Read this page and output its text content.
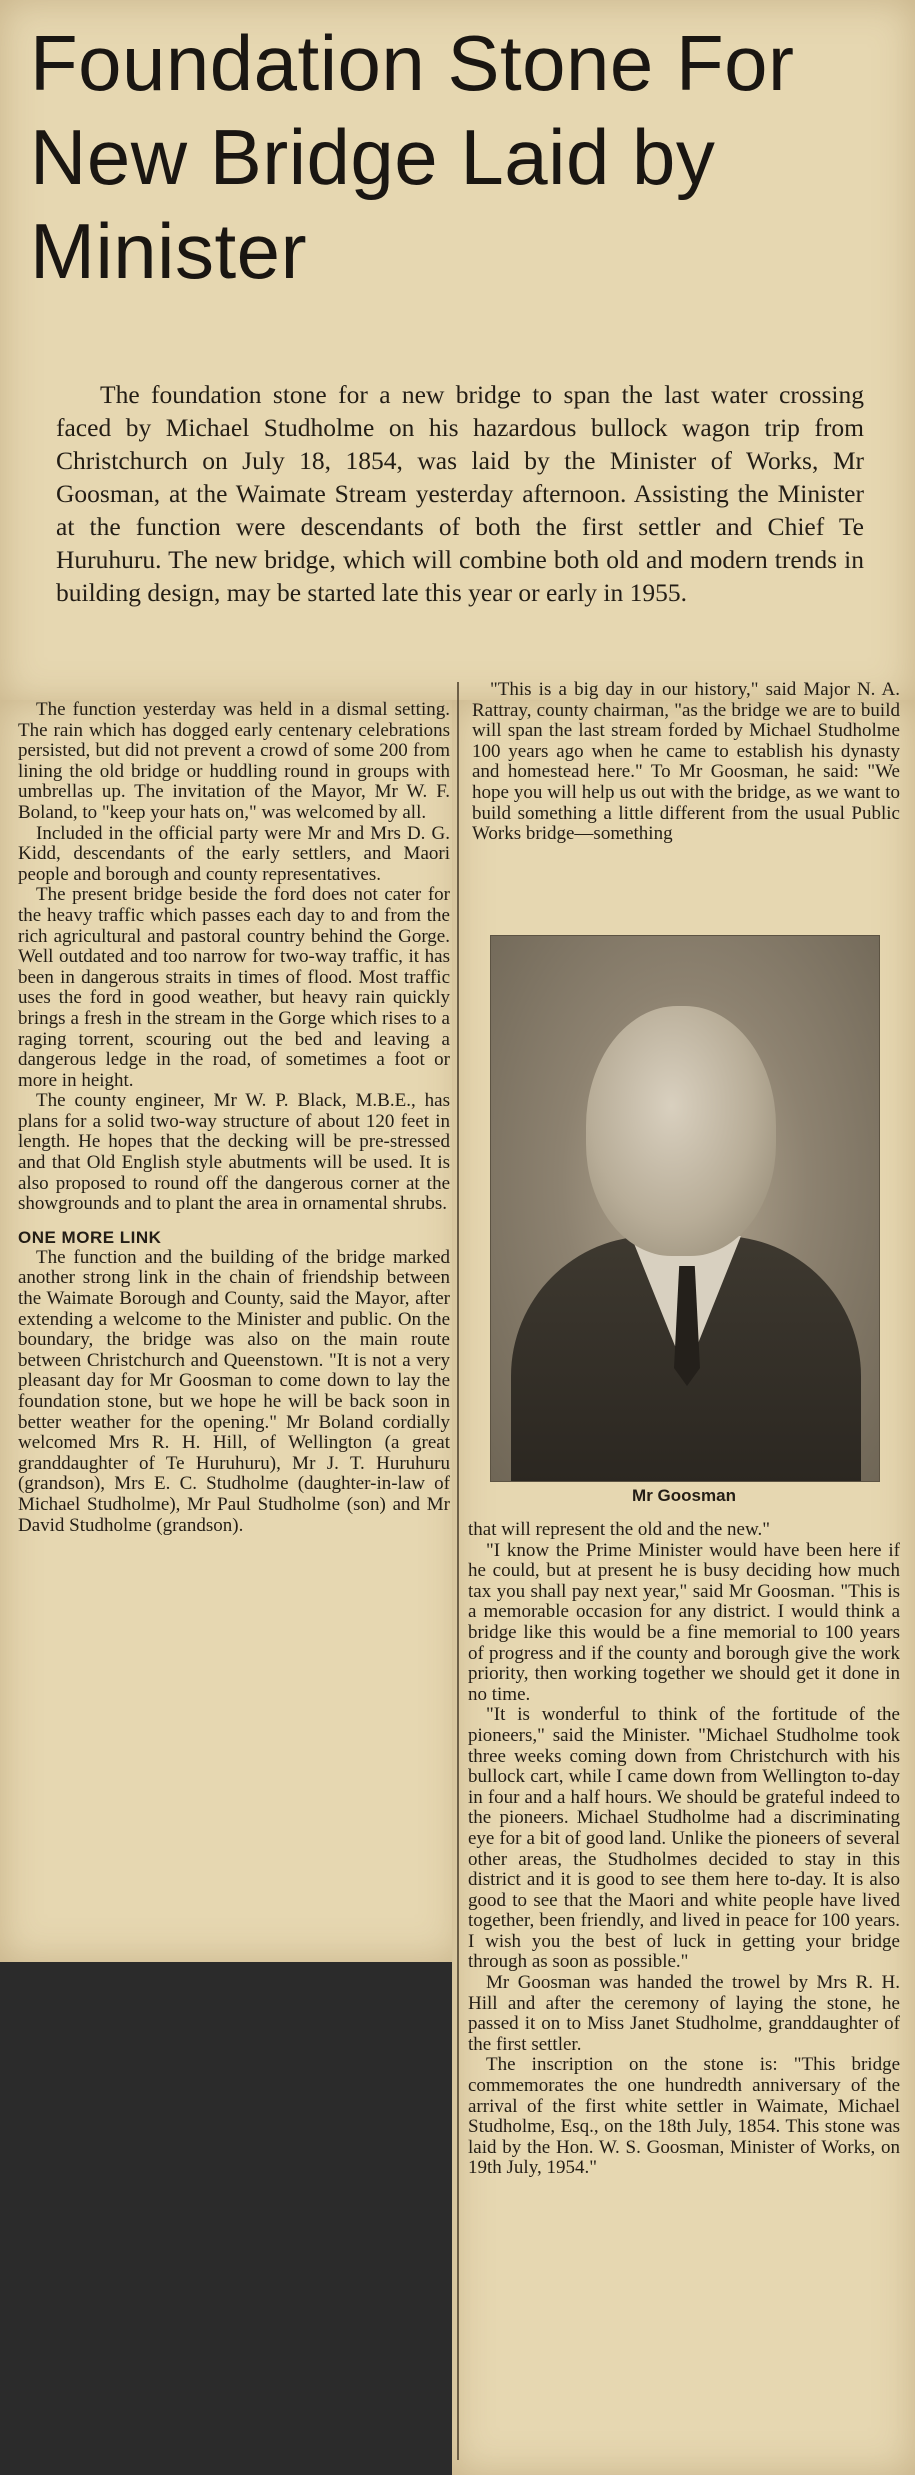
Foundation Stone For New Bridge Laid by Minister

The foundation stone for a new bridge to span the last water crossing faced by Michael Studholme on his hazardous bullock wagon trip from Christchurch on July 18, 1854, was laid by the Minister of Works, Mr Goosman, at the Waimate Stream yesterday afternoon. Assisting the Minister at the function were descendants of both the first settler and Chief Te Huruhuru. The new bridge, which will combine both old and modern trends in building design, may be started late this year or early in 1955.

The function yesterday was held in a dismal setting. The rain which has dogged early centenary celebrations persisted, but did not prevent a crowd of some 200 from lining the old bridge or huddling round in groups with umbrellas up. The invitation of the Mayor, Mr W. F. Boland, to "keep your hats on," was welcomed by all.

Included in the official party were Mr and Mrs D. G. Kidd, descendants of the early settlers, and Maori people and borough and county representatives.

The present bridge beside the ford does not cater for the heavy traffic which passes each day to and from the rich agricultural and pastoral country behind the Gorge. Well outdated and too narrow for two-way traffic, it has been in dangerous straits in times of flood. Most traffic uses the ford in good weather, but heavy rain quickly brings a fresh in the stream in the Gorge which rises to a raging torrent, scouring out the bed and leaving a dangerous ledge in the road, of sometimes a foot or more in height.

The county engineer, Mr W. P. Black, M.B.E., has plans for a solid two-way structure of about 120 feet in length. He hopes that the decking will be pre-stressed and that Old English style abutments will be used. It is also proposed to round off the dangerous corner at the showgrounds and to plant the area in ornamental shrubs.

ONE MORE LINK

The function and the building of the bridge marked another strong link in the chain of friendship between the Waimate Borough and County, said the Mayor, after extending a welcome to the Minister and public. On the boundary, the bridge was also on the main route between Christchurch and Queenstown. "It is not a very pleasant day for Mr Goosman to come down to lay the foundation stone, but we hope he will be back soon in better weather for the opening." Mr Boland cordially welcomed Mrs R. H. Hill, of Wellington (a great granddaughter of Te Huruhuru), Mr J. T. Huruhuru (grandson), Mrs E. C. Studholme (daughter-in-law of Michael Studholme), Mr Paul Studholme (son) and Mr David Studholme (grandson).

"This is a big day in our history," said Major N. A. Rattray, county chairman, "as the bridge we are to build will span the last stream forded by Michael Studholme 100 years ago when he came to establish his dynasty and homestead here." To Mr Goosman, he said: "We hope you will help us out with the bridge, as we want to build something a little different from the usual Public Works bridge—something

Mr Goosman

that will represent the old and the new."

"I know the Prime Minister would have been here if he could, but at present he is busy deciding how much tax you shall pay next year," said Mr Goosman. "This is a memorable occasion for any district. I would think a bridge like this would be a fine memorial to 100 years of progress and if the county and borough give the work priority, then working together we should get it done in no time.

"It is wonderful to think of the fortitude of the pioneers," said the Minister. "Michael Studholme took three weeks coming down from Christchurch with his bullock cart, while I came down from Wellington to-day in four and a half hours. We should be grateful indeed to the pioneers. Michael Studholme had a discriminating eye for a bit of good land. Unlike the pioneers of several other areas, the Studholmes decided to stay in this district and it is good to see them here to-day. It is also good to see that the Maori and white people have lived together, been friendly, and lived in peace for 100 years. I wish you the best of luck in getting your bridge through as soon as possible."

Mr Goosman was handed the trowel by Mrs R. H. Hill and after the ceremony of laying the stone, he passed it on to Miss Janet Studholme, granddaughter of the first settler.

The inscription on the stone is: "This bridge commemorates the one hundredth anniversary of the arrival of the first white settler in Waimate, Michael Studholme, Esq., on the 18th July, 1854. This stone was laid by the Hon. W. S. Goosman, Minister of Works, on 19th July, 1954."
